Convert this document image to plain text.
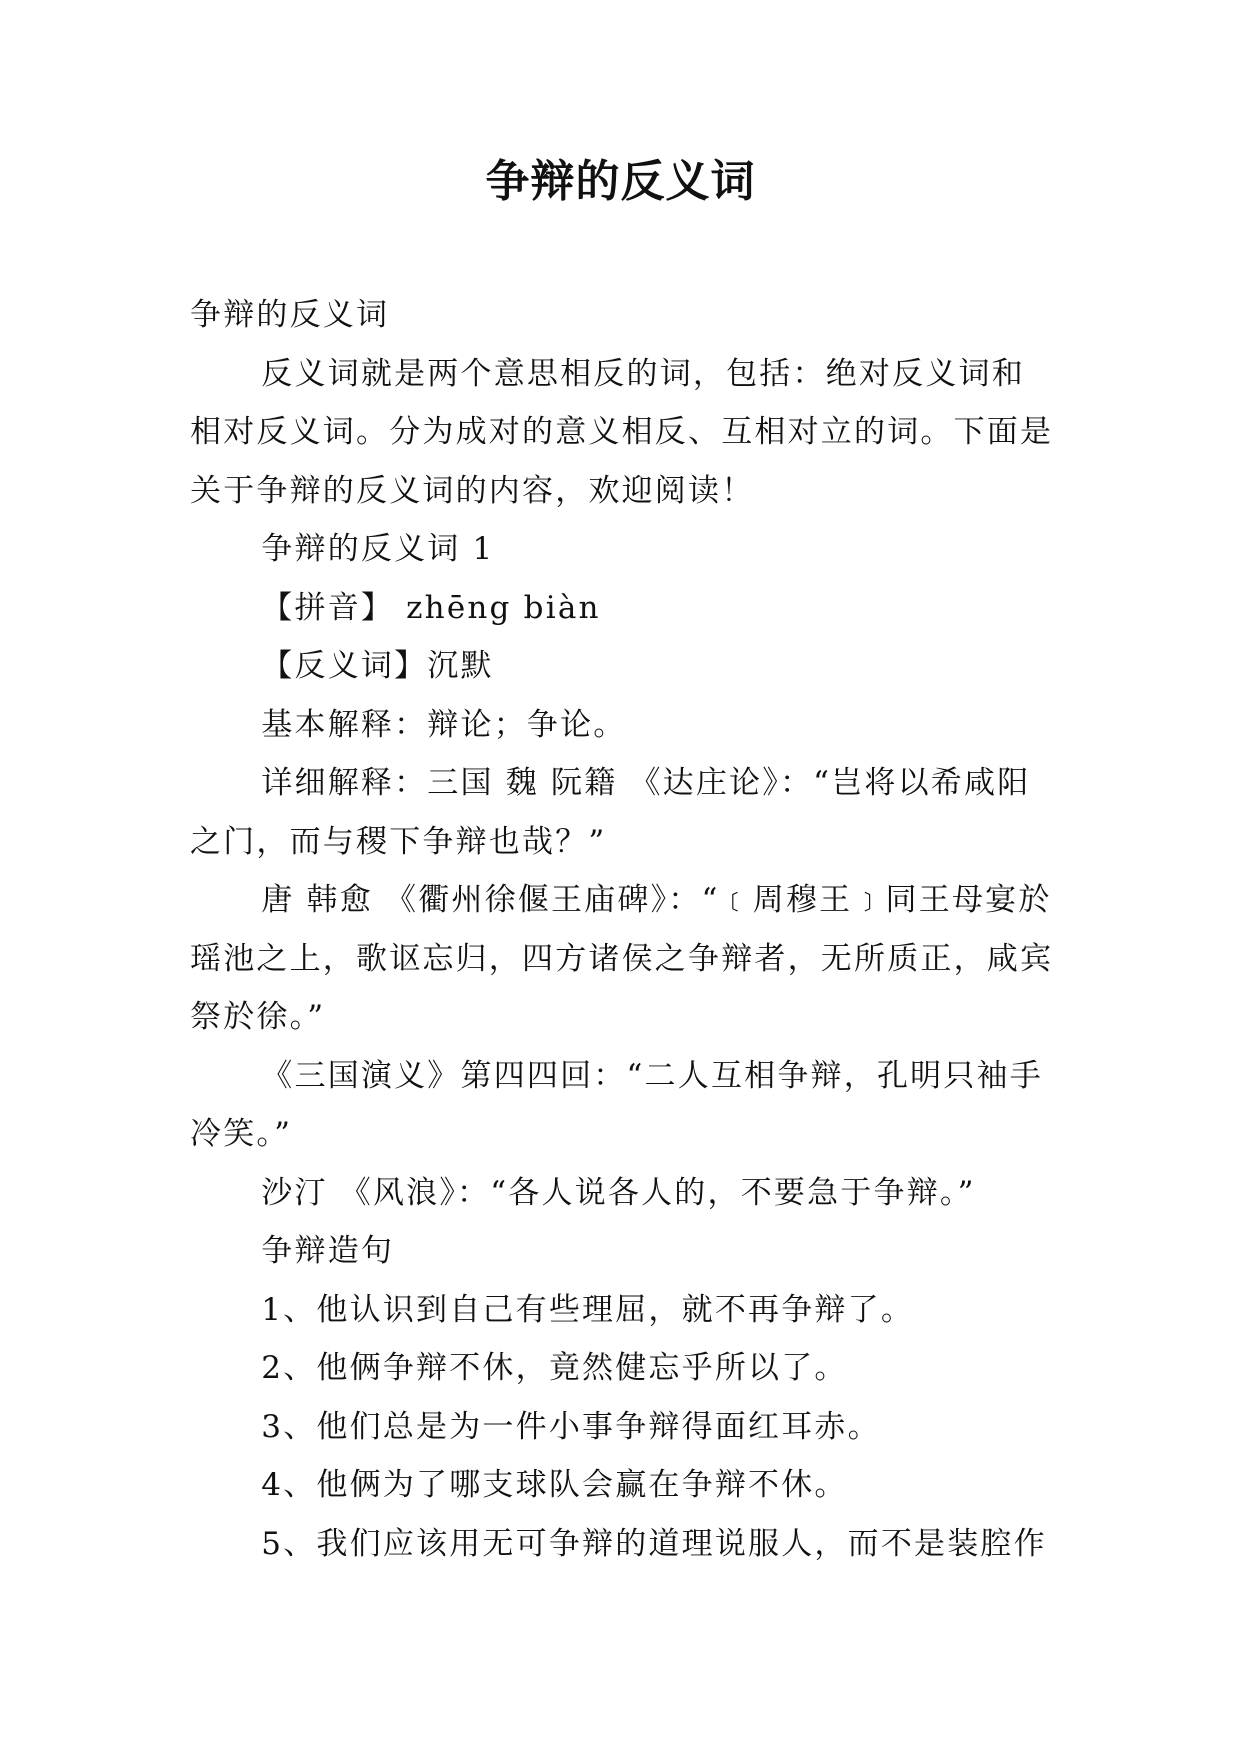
争辩的反义词

争辩的反义词

反义词就是两个意思相反的词，包括：绝对反义词和相对反义词。分为成对的意义相反、互相对立的词。下面是关于争辩的反义词的内容，欢迎阅读！

争辩的反义词 1

【拼音】 zhēng biàn

【反义词】沉默

基本解释：辩论；争论。

详细解释：三国 魏 阮籍 《达庄论》：“岂将以希咸阳之门，而与稷下争辩也哉？”

唐 韩愈 《衢州徐偃王庙碑》：“﹝周穆王﹞同王母宴於瑶池之上，歌讴忘归，四方诸侯之争辩者，无所质正，咸宾祭於徐。”

《三国演义》第四四回：“二人互相争辩，孔明只袖手冷笑。”

沙汀 《风浪》：“各人说各人的，不要急于争辩。”

争辩造句

1、他认识到自己有些理屈，就不再争辩了。

2、他俩争辩不休，竟然健忘乎所以了。

3、他们总是为一件小事争辩得面红耳赤。

4、他俩为了哪支球队会赢在争辩不休。

5、我们应该用无可争辩的道理说服人，而不是装腔作
